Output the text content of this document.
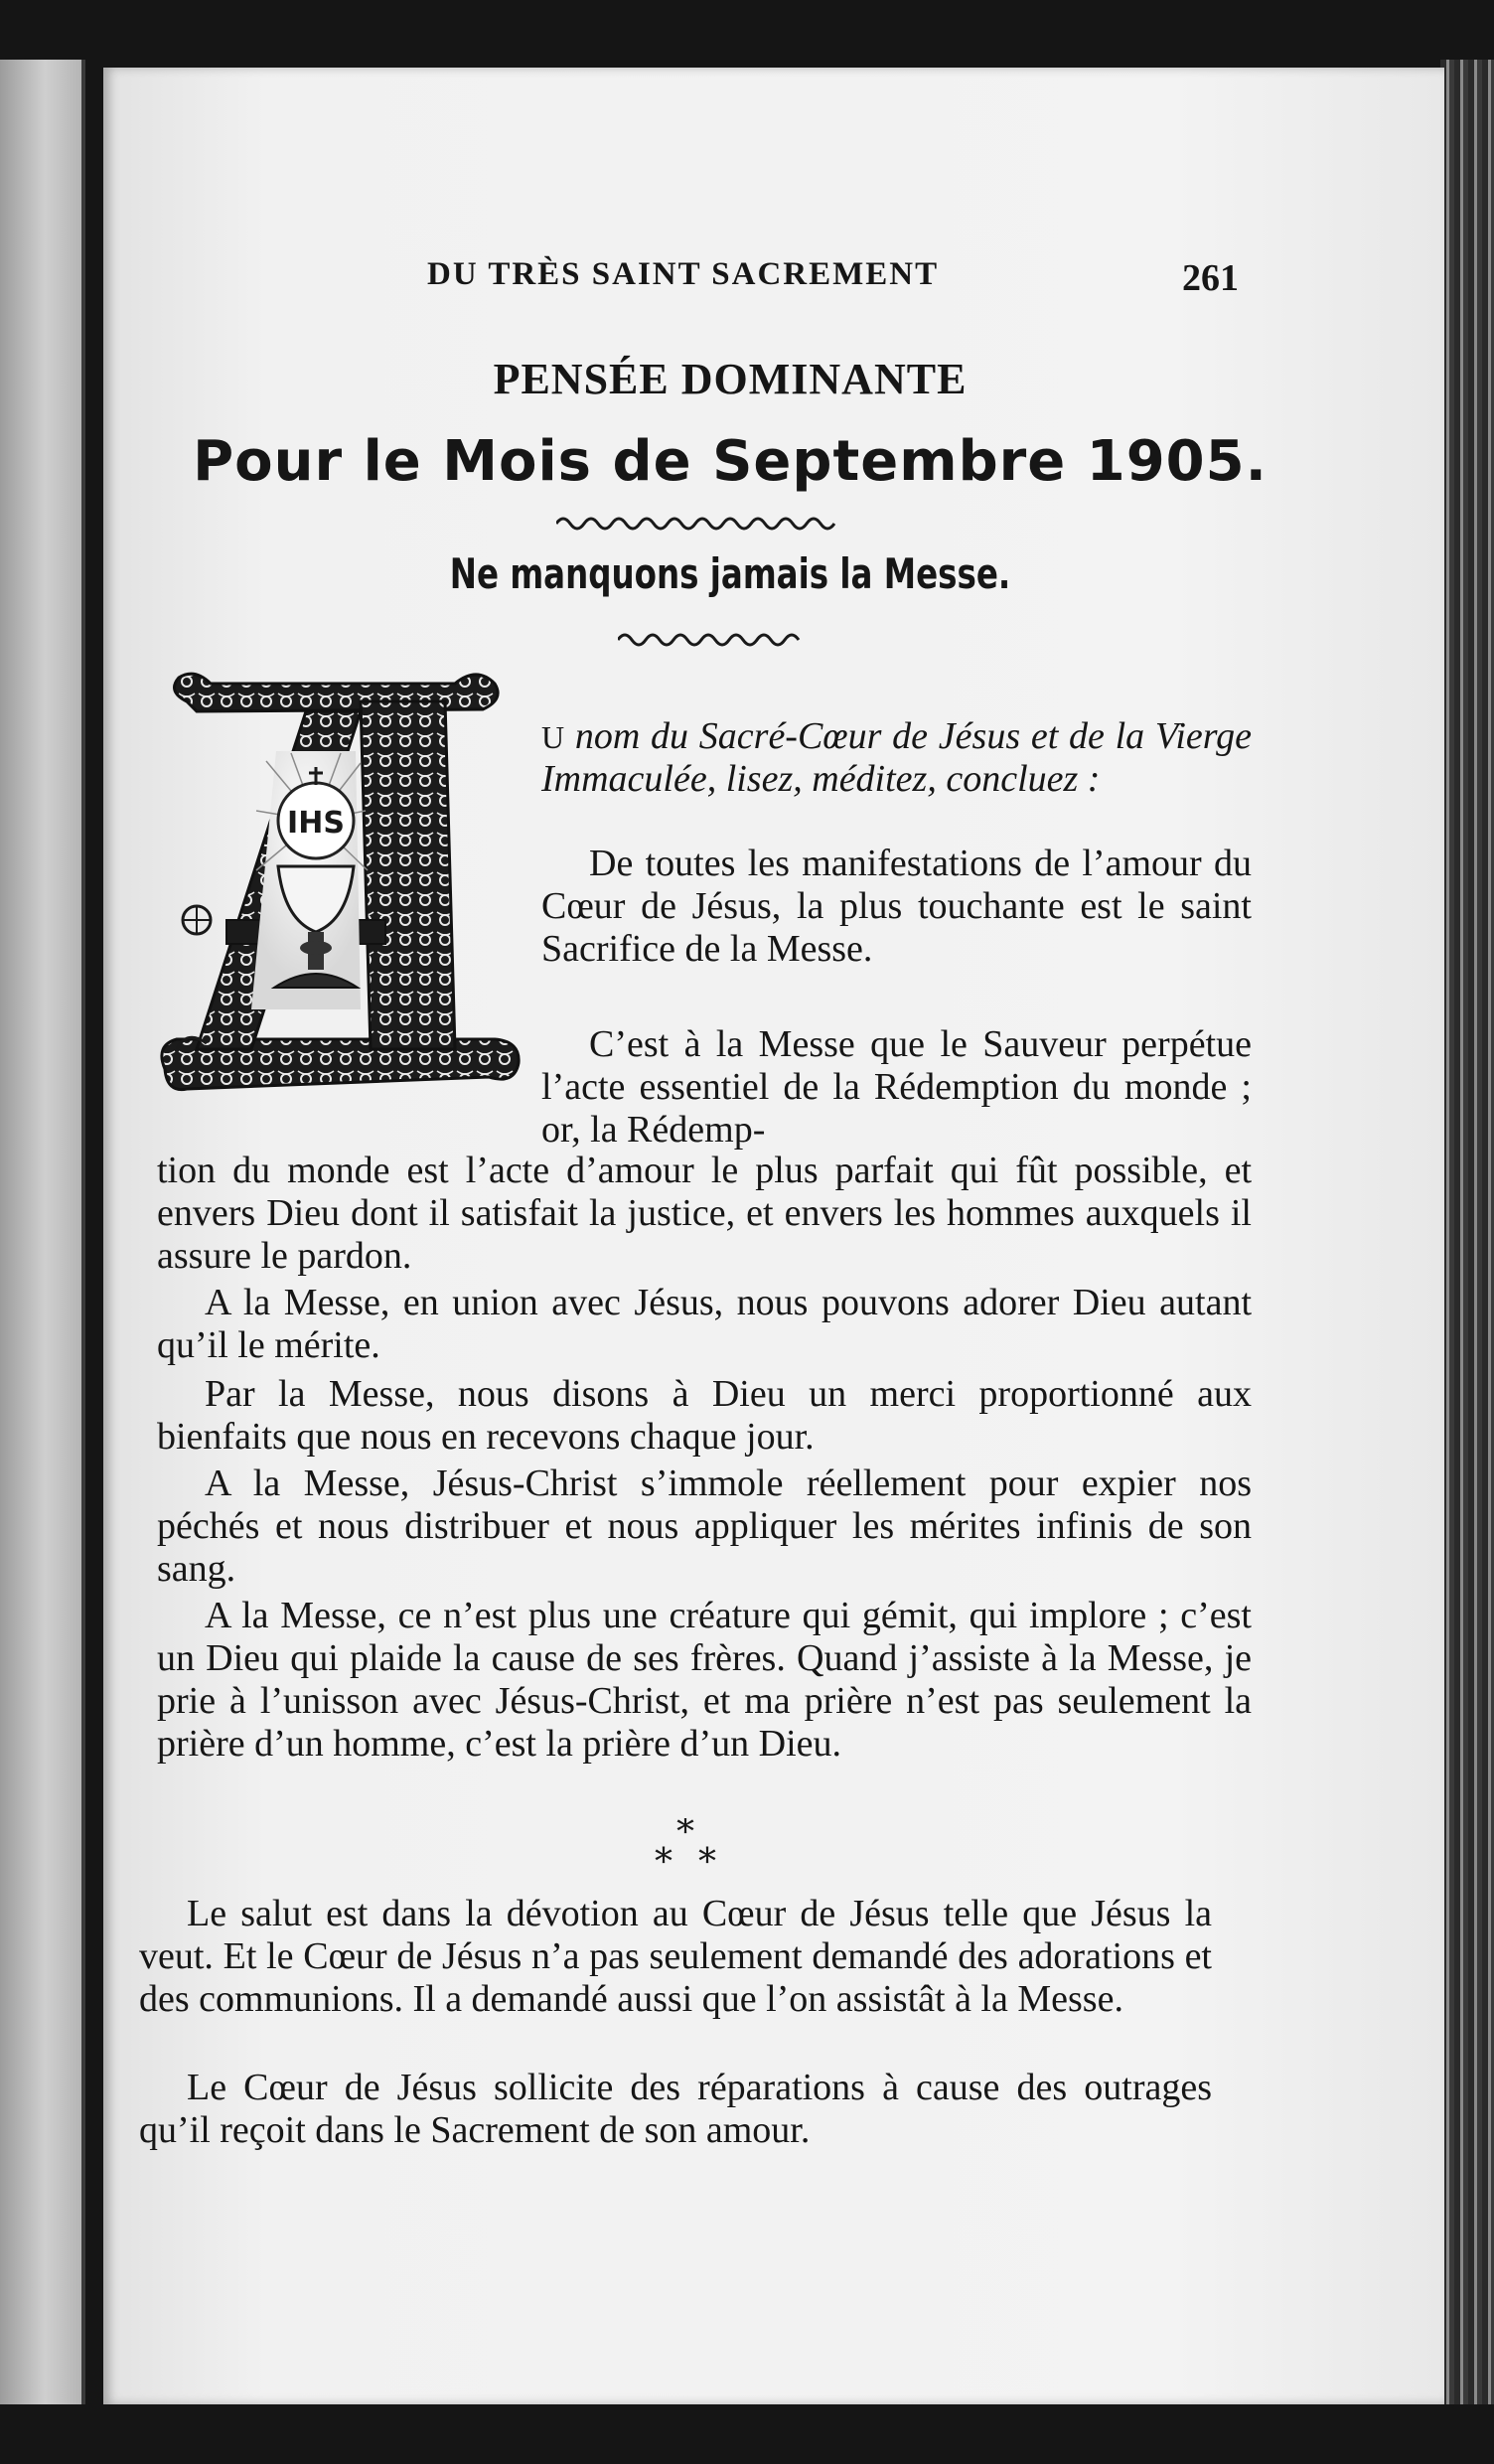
DU TRÈS SAINT SACREMENT	261
PENSÉE DOMINANTE
Pour le Mois de Septembre 1905.
Ne manquons jamais la Messe.
IHS

U nom du Sacré-Cœur de Jésus et de la Vierge Immaculée, lisez, méditez, concluez :

De toutes les manifestations de l’amour du Cœur de Jésus, la plus touchante est le saint Sacrifice de la Messe.

C’est à la Messe que le Sauveur perpétue l’acte essentiel de la Rédemption du monde ; or, la Rédemp-

tion du monde est l’acte d’amour le plus parfait qui fût possible, et envers Dieu dont il satisfait la justice, et envers les hommes auxquels il assure le pardon.

A la Messe, en union avec Jésus, nous pouvons adorer Dieu autant qu’il le mérite.

Par la Messe, nous disons à Dieu un merci proportionné aux bienfaits que nous en recevons chaque jour.

A la Messe, Jésus-Christ s’immole réellement pour expier nos péchés et nous distribuer et nous appliquer les mérites infinis de son sang.

A la Messe, ce n’est plus une créature qui gémit, qui implore ; c’est un Dieu qui plaide la cause de ses frères. Quand j’assiste à la Messe, je prie à l’unisson avec Jésus-Christ, et ma prière n’est pas seulement la prière d’un homme, c’est la prière d’un Dieu.

*
* *

Le salut est dans la dévotion au Cœur de Jésus telle que Jésus la veut. Et le Cœur de Jésus n’a pas seulement demandé des adorations et des communions. Il a demandé aussi que l’on assistât à la Messe.

Le Cœur de Jésus sollicite des réparations à cause des outrages qu’il reçoit dans le Sacrement de son amour.
